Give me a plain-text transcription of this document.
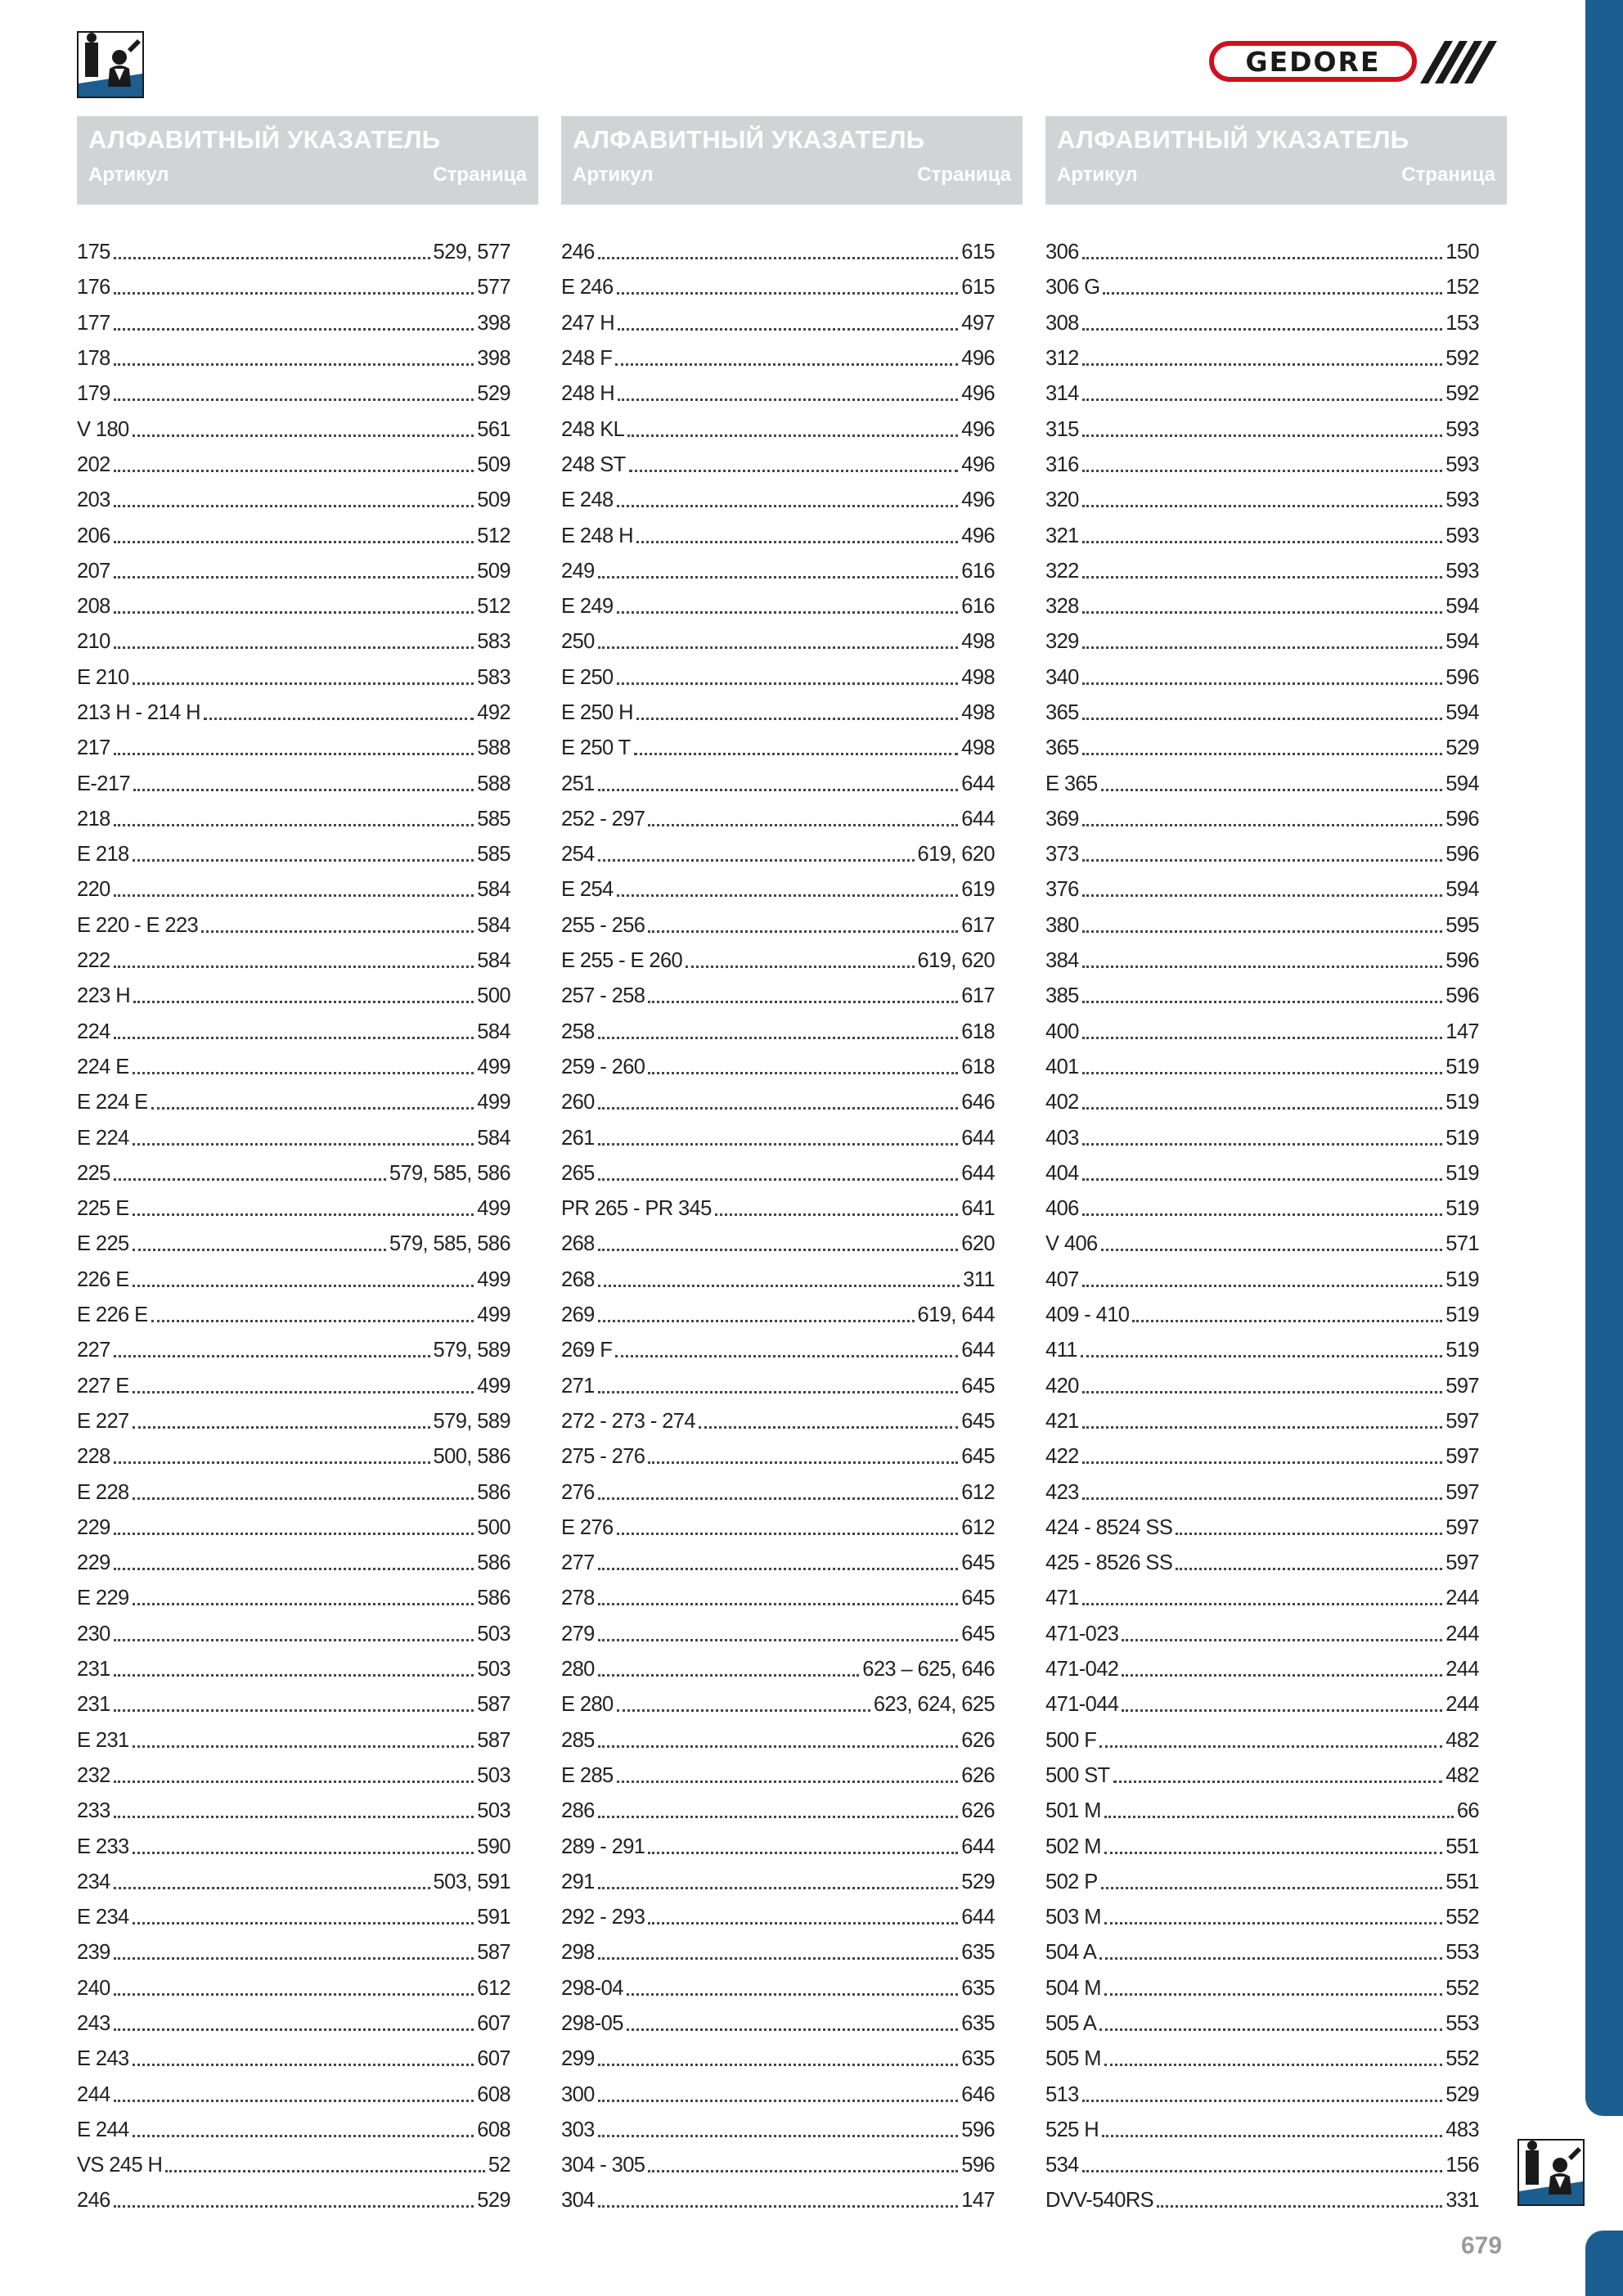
GEDORE
АЛФАВИТНЫЙ УКАЗАТЕЛЬ
Артикул	Страница
АЛФАВИТНЫЙ УКАЗАТЕЛЬ
Артикул	Страница
АЛФАВИТНЫЙ УКАЗАТЕЛЬ
Артикул	Страница
175	529, 577
176	577
177	398
178	398
179	529
V 180	561
202	509
203	509
206	512
207	509
208	512
210	583
E 210	583
213 H - 214 H	492
217	588
E-217	588
218	585
E 218	585
220	584
E 220 - E 223	584
222	584
223 H	500
224	584
224 E	499
E 224 E	499
E 224	584
225	579, 585, 586
225 E	499
E 225	579, 585, 586
226 E	499
E 226 E	499
227	579, 589
227 E	499
E 227	579, 589
228	500, 586
E 228	586
229	500
229	586
E 229	586
230	503
231	503
231	587
E 231	587
232	503
233	503
E 233	590
234	503, 591
E 234	591
239	587
240	612
243	607
E 243	607
244	608
E 244	608
VS 245 H	52
246	529
246	615
E 246	615
247 H	497
248 F	496
248 H	496
248 KL	496
248 ST	496
E 248	496
E 248 H	496
249	616
E 249	616
250	498
E 250	498
E 250 H	498
E 250 T	498
251	644
252 - 297	644
254	619, 620
E 254	619
255 - 256	617
E 255 - E 260	619, 620
257 - 258	617
258	618
259 - 260	618
260	646
261	644
265	644
PR 265 - PR 345	641
268	620
268	311
269	619, 644
269 F	644
271	645
272 - 273 - 274	645
275 - 276	645
276	612
E 276	612
277	645
278	645
279	645
280	623 – 625, 646
E 280	623, 624, 625
285	626
E 285	626
286	626
289 - 291	644
291	529
292 - 293	644
298	635
298-04	635
298-05	635
299	635
300	646
303	596
304 - 305	596
304	147
306	150
306 G	152
308	153
312	592
314	592
315	593
316	593
320	593
321	593
322	593
328	594
329	594
340	596
365	594
365	529
E 365	594
369	596
373	596
376	594
380	595
384	596
385	596
400	147
401	519
402	519
403	519
404	519
406	519
V 406	571
407	519
409 - 410	519
411	519
420	597
421	597
422	597
423	597
424 - 8524 SS	597
425 - 8526 SS	597
471	244
471-023	244
471-042	244
471-044	244
500 F	482
500 ST	482
501 M	66
502 M	551
502 P	551
503 M	552
504 A	553
504 M	552
505 A	553
505 M	552
513	529
525 H	483
534	156
DVV-540RS	331
679
